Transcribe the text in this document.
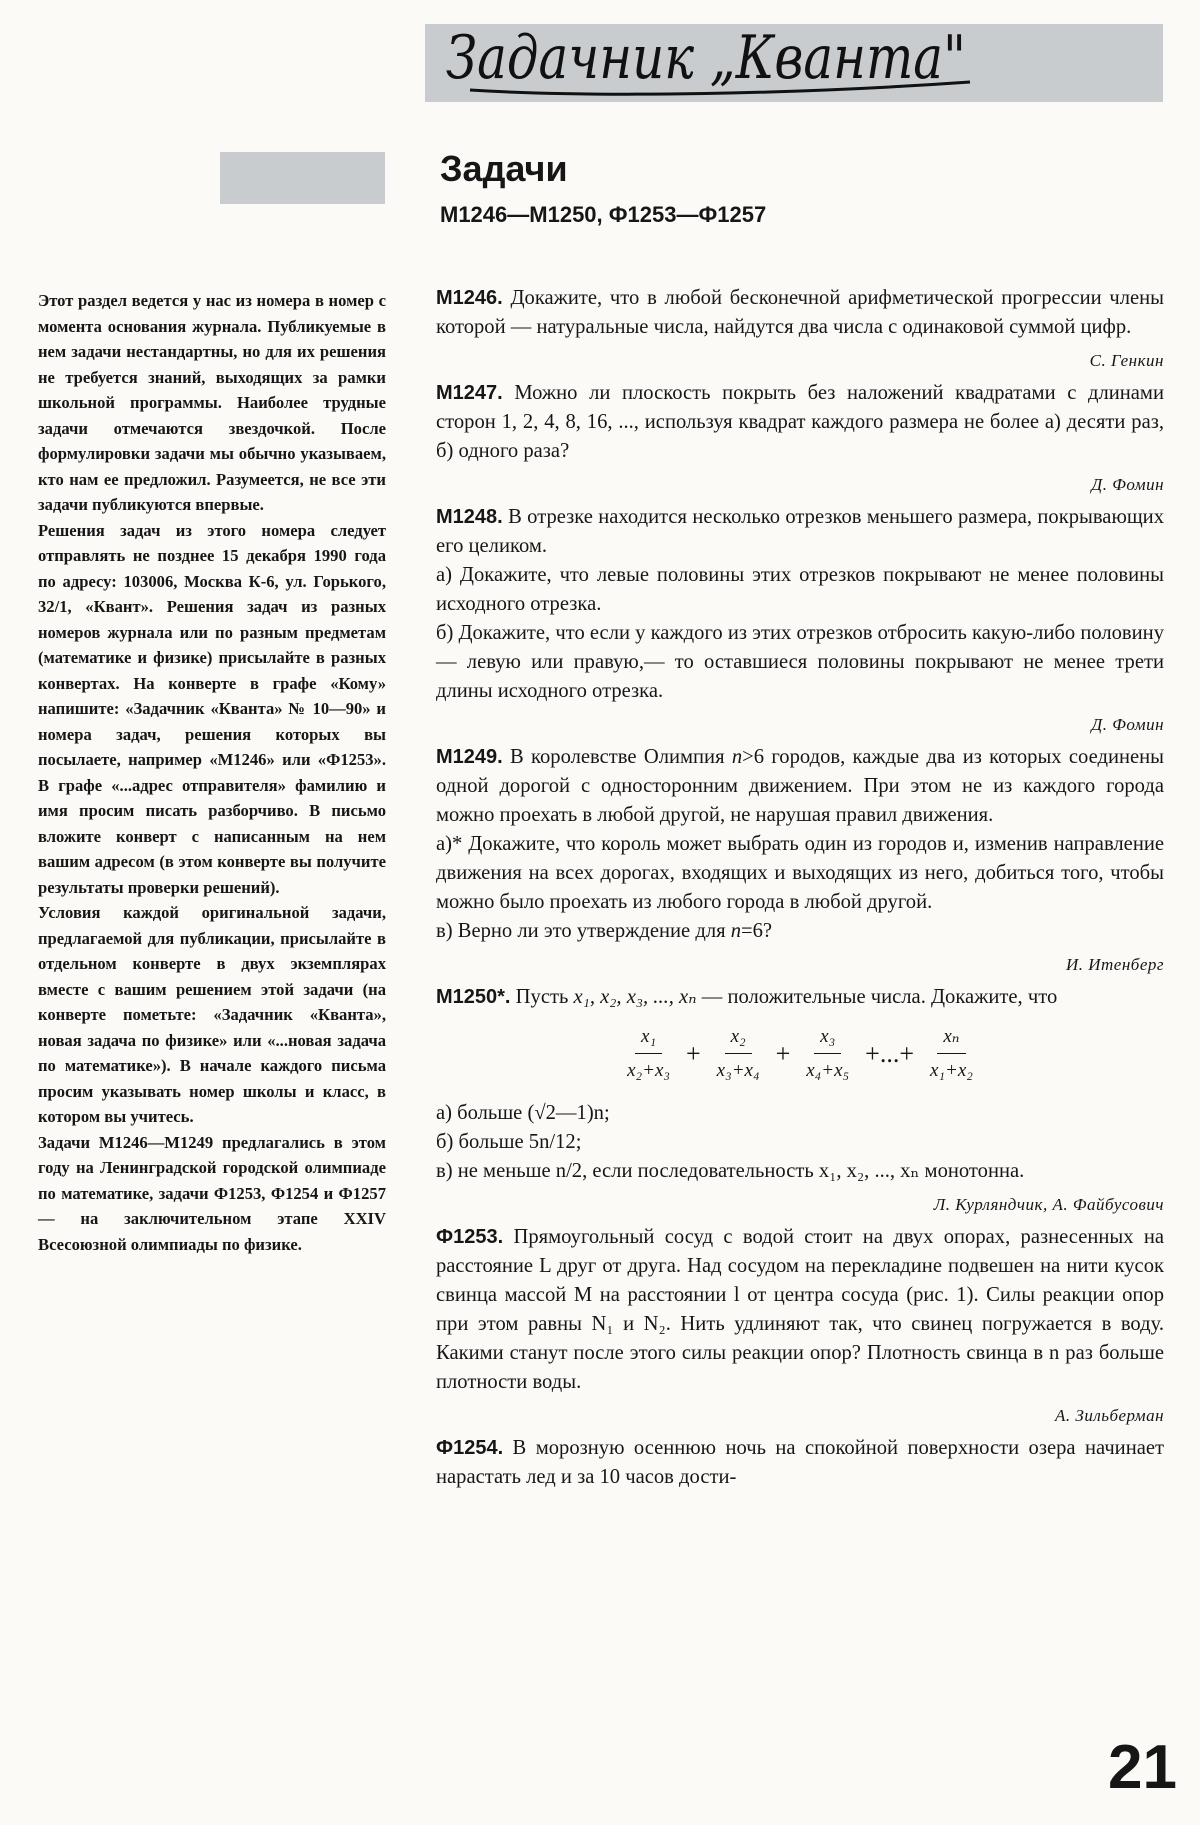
Задачник „Кванта"
Задачи
М1246—М1250, Ф1253—Ф1257

Этот раздел ведется у нас из номера в номер с момента основания журнала. Публикуемые в нем задачи нестандартны, но для их решения не требуется знаний, выходящих за рамки школьной программы. Наиболее трудные задачи отмечаются звездочкой. После формулировки задачи мы обычно указываем, кто нам ее предложил. Разумеется, не все эти задачи публикуются впервые.

Решения задач из этого номера следует отправлять не позднее 15 декабря 1990 года по адресу: 103006, Москва К-6, ул. Горького, 32/1, «Квант». Решения задач из разных номеров журнала или по разным предметам (математике и физике) присылайте в разных конвертах. На конверте в графе «Кому» напишите: «Задачник «Кванта» № 10—90» и номера задач, решения которых вы посылаете, например «М1246» или «Ф1253». В графе «...адрес отправителя» фамилию и имя просим писать разборчиво. В письмо вложите конверт с написанным на нем вашим адресом (в этом конверте вы получите результаты проверки решений).

Условия каждой оригинальной задачи, предлагаемой для публикации, присылайте в отдельном конверте в двух экземплярах вместе с вашим решением этой задачи (на конверте пометьте: «Задачник «Кванта», новая задача по физике» или «...новая задача по математике»). В начале каждого письма просим указывать номер школы и класс, в котором вы учитесь.

Задачи М1246—М1249 предлагались в этом году на Ленинградской городской олимпиаде по математике, задачи Ф1253, Ф1254 и Ф1257 — на заключительном этапе XXIV Всесоюзной олимпиады по физике.

М1246. Докажите, что в любой бесконечной арифметической прогрессии члены которой — натуральные числа, найдутся два числа с одинаковой суммой цифр.

С. Генкин

М1247. Можно ли плоскость покрыть без наложений квадратами с длинами сторон 1, 2, 4, 8, 16, ..., используя квадрат каждого размера не более а) десяти раз, б) одного раза?

Д. Фомин

М1248. В отрезке находится несколько отрезков меньшего размера, покрывающих его целиком.

а) Докажите, что левые половины этих отрезков покрывают не менее половины исходного отрезка.

б) Докажите, что если у каждого из этих отрезков отбросить какую-либо половину — левую или правую,— то оставшиеся половины покрывают не менее трети длины исходного отрезка.

Д. Фомин

М1249. В королевстве Олимпия n>6 городов, каждые два из которых соединены одной дорогой с односторонним движением. При этом не из каждого города можно проехать в любой другой, не нарушая правил движения.

а)* Докажите, что король может выбрать один из городов и, изменив направление движения на всех дорогах, входящих и выходящих из него, добиться того, чтобы можно было проехать из любого города в любой другой.

в) Верно ли это утверждение для n=6?

И. Итенберг

М1250*. Пусть x₁, x₂, x₃, ..., xₙ — положительные числа. Докажите, что

$\frac{\text{x₁}}{\text{x₂+x₃}} + \frac{\text{x₂}}{\text{x₃+x₄}} + \frac{\text{x₃}}{\text{x₄+x₅}}$ +...+ $\frac{\text{xₙ}}{\text{x₁+x₂}}$

а) больше (√2—1)n;

б) больше 5n/12;

в) не меньше n/2, если последовательность x₁, x₂, ..., xₙ монотонна.

Л. Курляндчик, А. Файбусович

Ф1253. Прямоугольный сосуд с водой стоит на двух опорах, разнесенных на расстояние L друг от друга. Над сосудом на перекладине подвешен на нити кусок свинца массой M на расстоянии l от центра сосуда (рис. 1). Силы реакции опор при этом равны N₁ и N₂. Нить удлиняют так, что свинец погружается в воду. Какими станут после этого силы реакции опор? Плотность свинца в n раз больше плотности воды.

А. Зильберман

Ф1254. В морозную осеннюю ночь на спокойной поверхности озера начинает нарастать лед и за 10 часов дости-

21
